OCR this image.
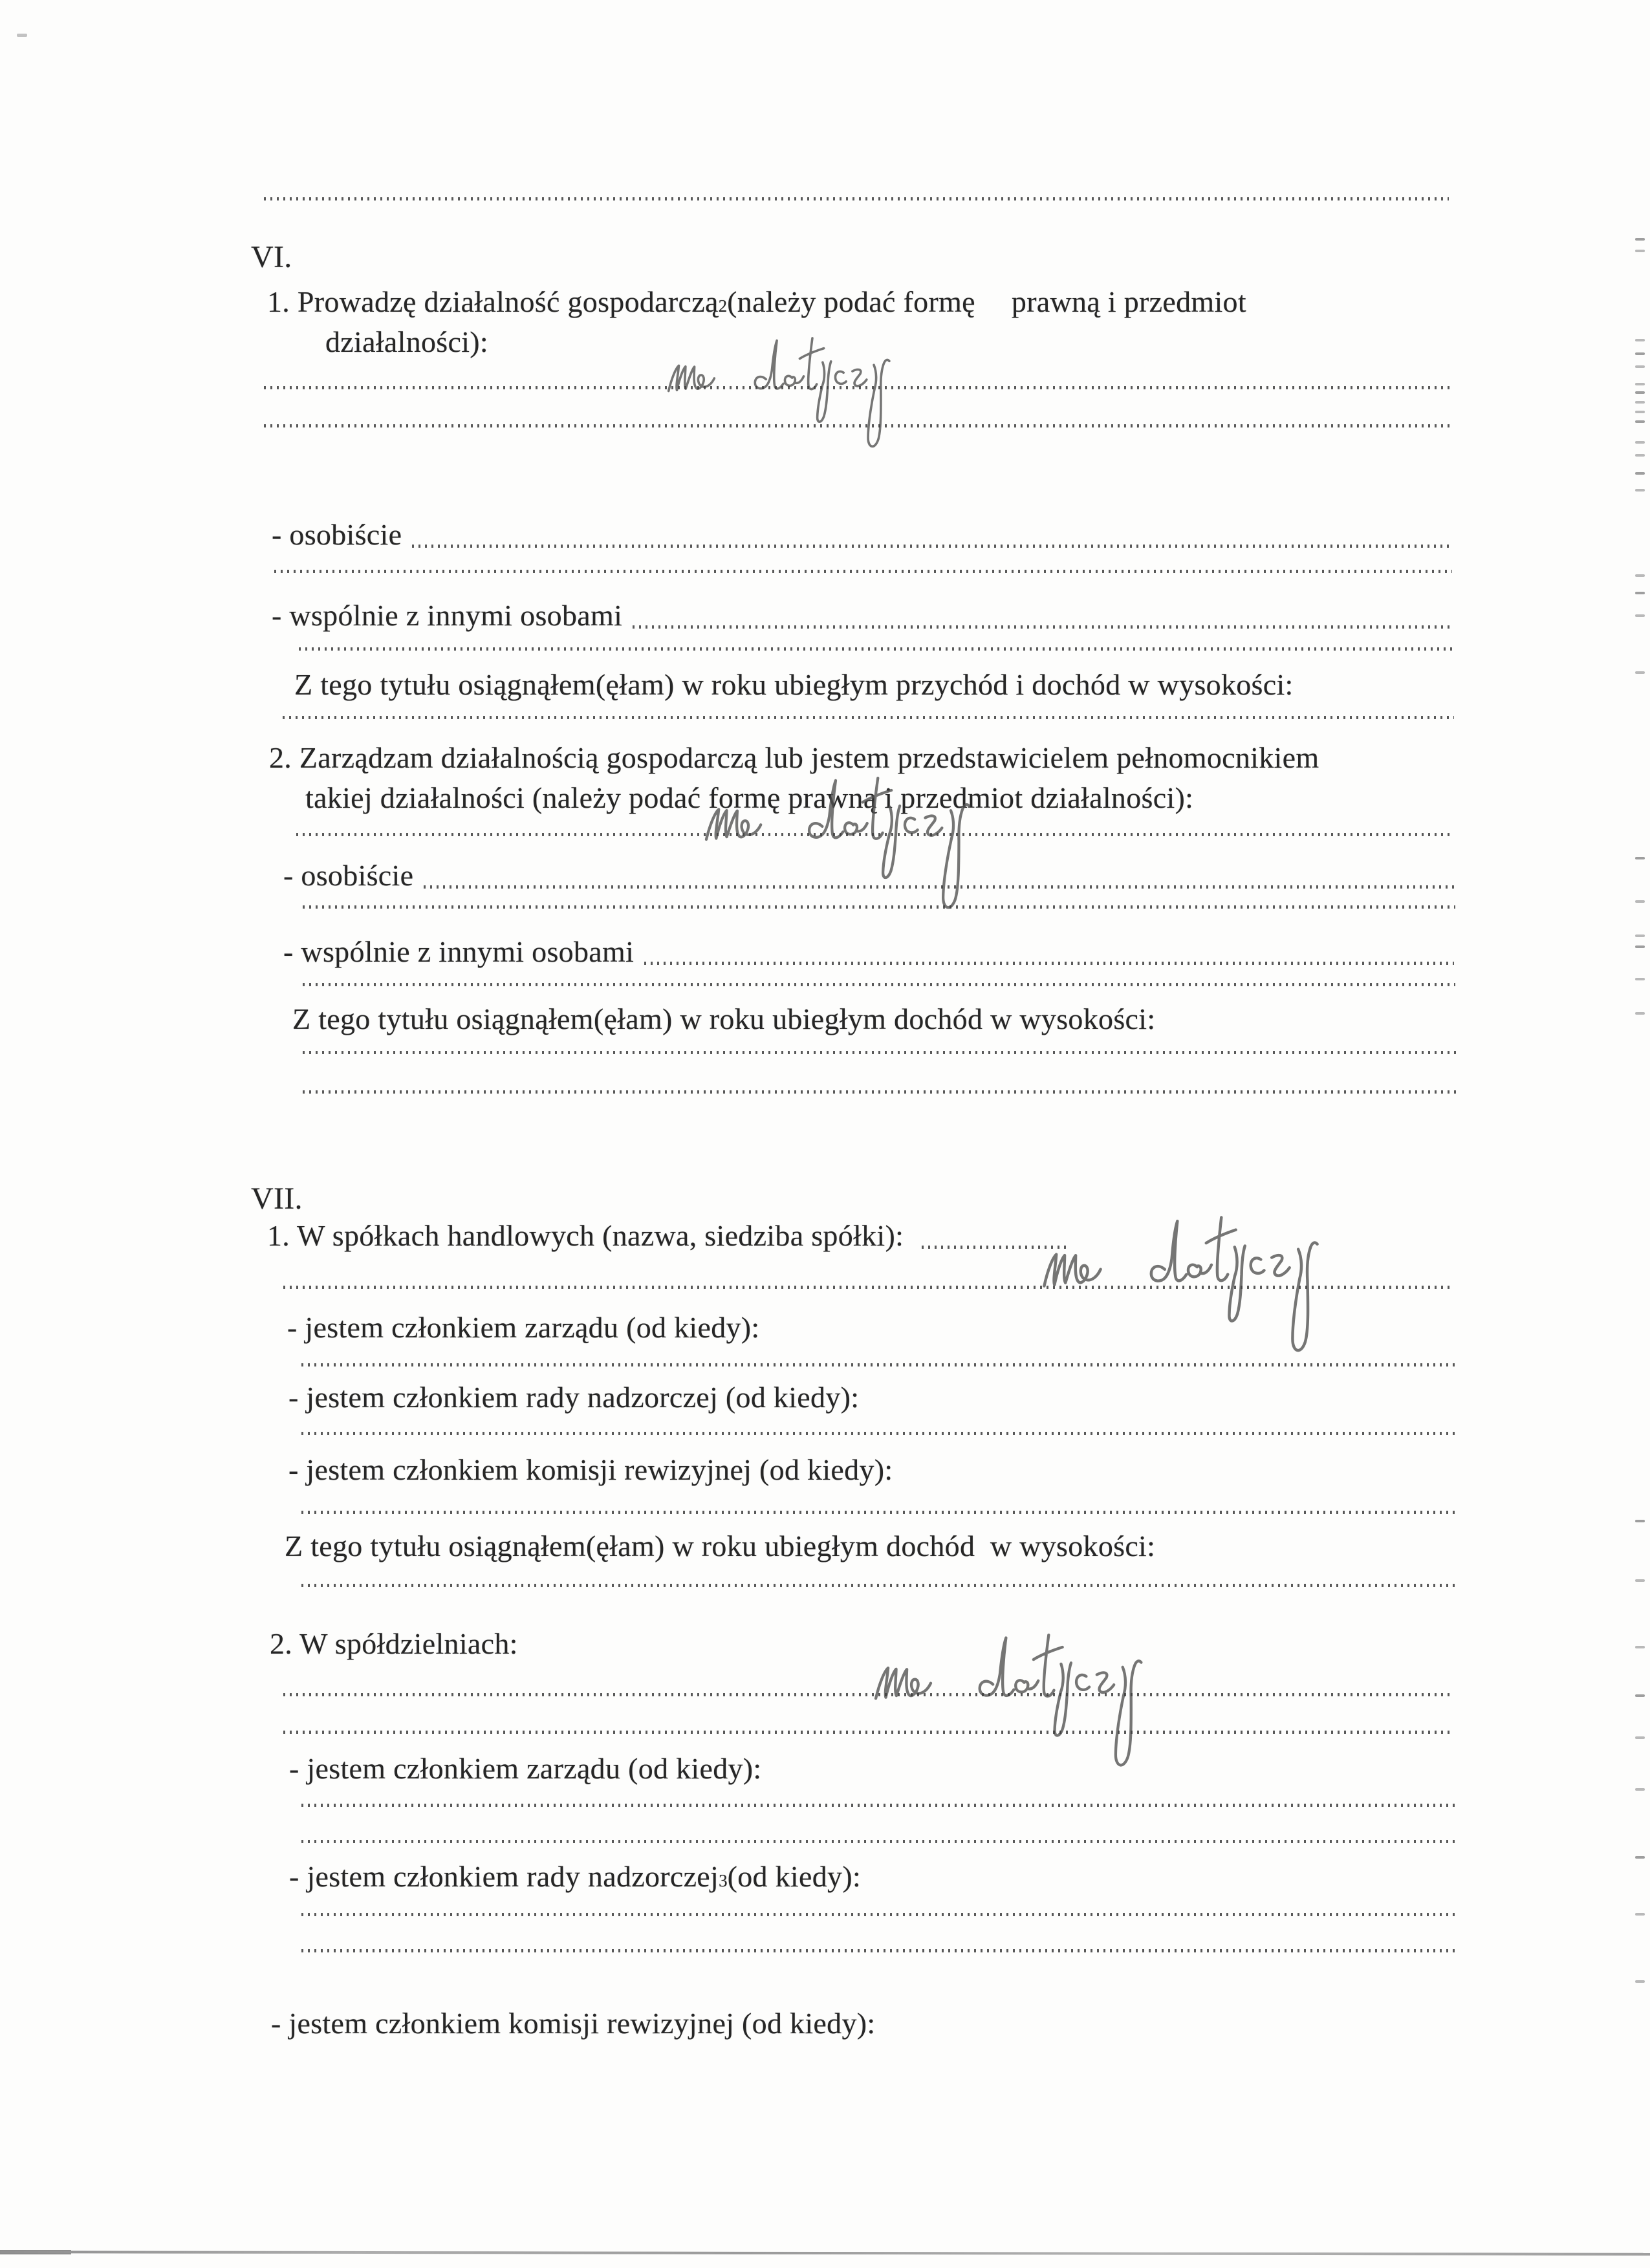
VI.
1. Prowadzę działalność gospodarczą 2 (należy podać formę prawną i przedmiot
działalności):
- osobiście
- wspólnie z innymi osobami
Z tego tytułu osiągnąłem(ęłam) w roku ubiegłym przychód i dochód w wysokości:
2. Zarządzam działalnością gospodarczą lub jestem przedstawicielem pełnomocnikiem
takiej działalności (należy podać formę prawną i przedmiot działalności):
- osobiście
- wspólnie z innymi osobami
Z tego tytułu osiągnąłem(ęłam) w roku ubiegłym dochód w wysokości:
VII.
1. W spółkach handlowych (nazwa, siedziba spółki):
- jestem członkiem zarządu (od kiedy):
- jestem członkiem rady nadzorczej (od kiedy):
- jestem członkiem komisji rewizyjnej (od kiedy):
Z tego tytułu osiągnąłem(ęłam) w roku ubiegłym dochód  w wysokości:
2. W spółdzielniach:
- jestem członkiem zarządu (od kiedy):
- jestem członkiem rady nadzorczej 3 (od kiedy):
- jestem członkiem komisji rewizyjnej (od kiedy):
